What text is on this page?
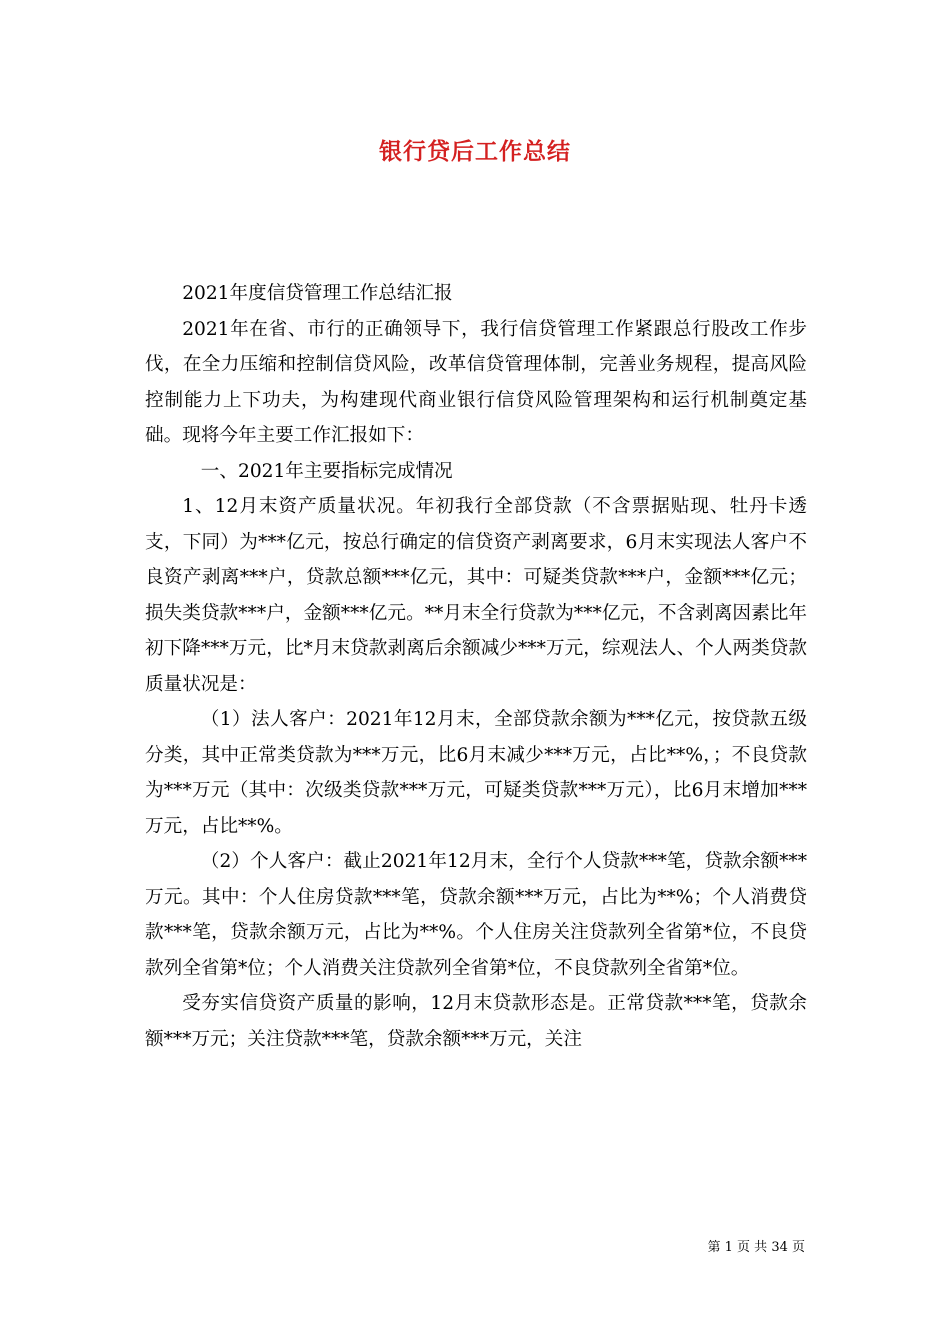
银行贷后工作总结

2021年度信贷管理工作总结汇报

2021年在省、市行的正确领导下，我行信贷管理工作紧跟总行股改工作步伐，在全力压缩和控制信贷风险，改革信贷管理体制，完善业务规程，提高风险控制能力上下功夫，为构建现代商业银行信贷风险管理架构和运行机制奠定基础。现将今年主要工作汇报如下：

一、2021年主要指标完成情况

1、12月末资产质量状况。年初我行全部贷款（不含票据贴现、牡丹卡透支，下同）为***亿元，按总行确定的信贷资产剥离要求，6月末实现法人客户不良资产剥离***户，贷款总额***亿元，其中：可疑类贷款***户，金额***亿元；损失类贷款***户，金额***亿元。**月末全行贷款为***亿元，不含剥离因素比年初下降***万元，比*月末贷款剥离后余额减少***万元，综观法人、个人两类贷款质量状况是：

（1）法人客户：2021年12月末，全部贷款余额为***亿元，按贷款五级分类，其中正常类贷款为***万元，比6月末减少***万元，占比**%，；不良贷款为***万元（其中：次级类贷款***万元，可疑类贷款***万元），比6月末增加***万元，占比**%。

（2）个人客户：截止2021年12月末，全行个人贷款***笔，贷款余额***万元。其中：个人住房贷款***笔，贷款余额***万元，占比为**%；个人消费贷款***笔，贷款余额万元，占比为**%。个人住房关注贷款列全省第*位，不良贷款列全省第*位；个人消费关注贷款列全省第*位，不良贷款列全省第*位。

受夯实信贷资产质量的影响，12月末贷款形态是。正常贷款***笔，贷款余额***万元；关注贷款***笔，贷款余额***万元，关注

第 1 页 共 34 页
